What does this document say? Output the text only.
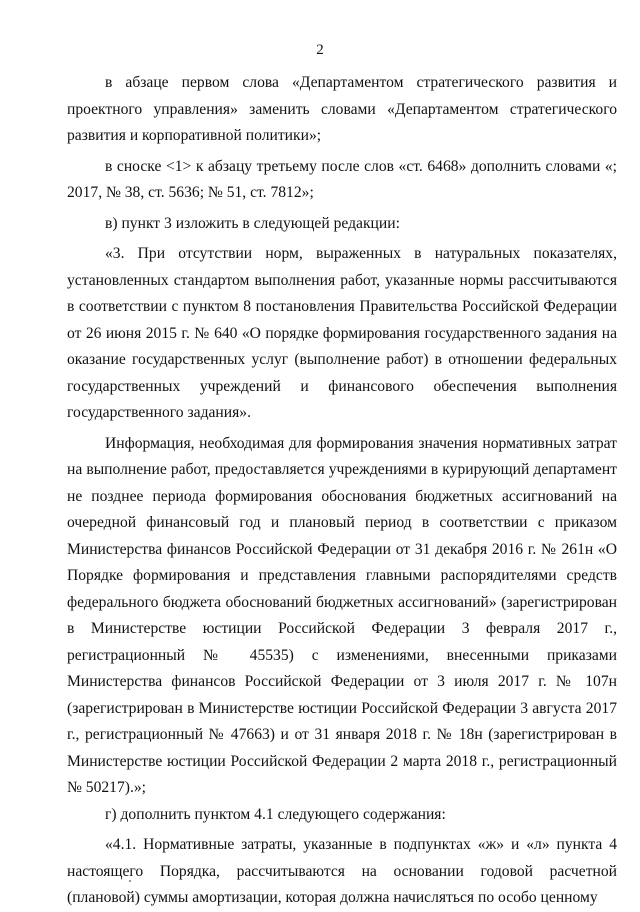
2

в абзаце первом слова «Департаментом стратегического развития и проектного управления» заменить словами «Департаментом стратегического развития и корпоративной политики»;

в сноске <1> к абзацу третьему после слов «ст. 6468» дополнить словами «; 2017, № 38, ст. 5636; № 51, ст. 7812»;

в) пункт 3 изложить в следующей редакции:

«3. При отсутствии норм, выраженных в натуральных показателях, установленных стандартом выполнения работ, указанные нормы рассчитываются в соответствии с пунктом 8 постановления Правительства Российской Федерации от 26 июня 2015 г. № 640 «О порядке формирования государственного задания на оказание государственных услуг (выполнение работ) в отношении федеральных государственных учреждений и финансового обеспечения выполнения государственного задания».

Информация, необходимая для формирования значения нормативных затрат на выполнение работ, предоставляется учреждениями в курирующий департамент не позднее периода формирования обоснования бюджетных ассигнований на очередной финансовый год и плановый период в соответствии с приказом Министерства финансов Российской Федерации от 31 декабря 2016 г. № 261н «О Порядке формирования и представления главными распорядителями средств федерального бюджета обоснований бюджетных ассигнований» (зарегистрирован в Министерстве юстиции Российской Федерации 3 февраля 2017 г., регистрационный № 45535) с изменениями, внесенными приказами Министерства финансов Российской Федерации от 3 июля 2017 г. № 107н (зарегистрирован в Министерстве юстиции Российской Федерации 3 августа 2017 г., регистрационный № 47663) и от 31 января 2018 г. № 18н (зарегистрирован в Министерстве юстиции Российской Федерации 2 марта 2018 г., регистрационный № 50217).»;

г) дополнить пунктом 4.1 следующего содержания:

«4.1. Нормативные затраты, указанные в подпунктах «ж» и «л» пункта 4 настоящего Порядка, рассчитываются на основании годовой расчетной (плановой) суммы амортизации, которая должна начисляться по особо ценному
